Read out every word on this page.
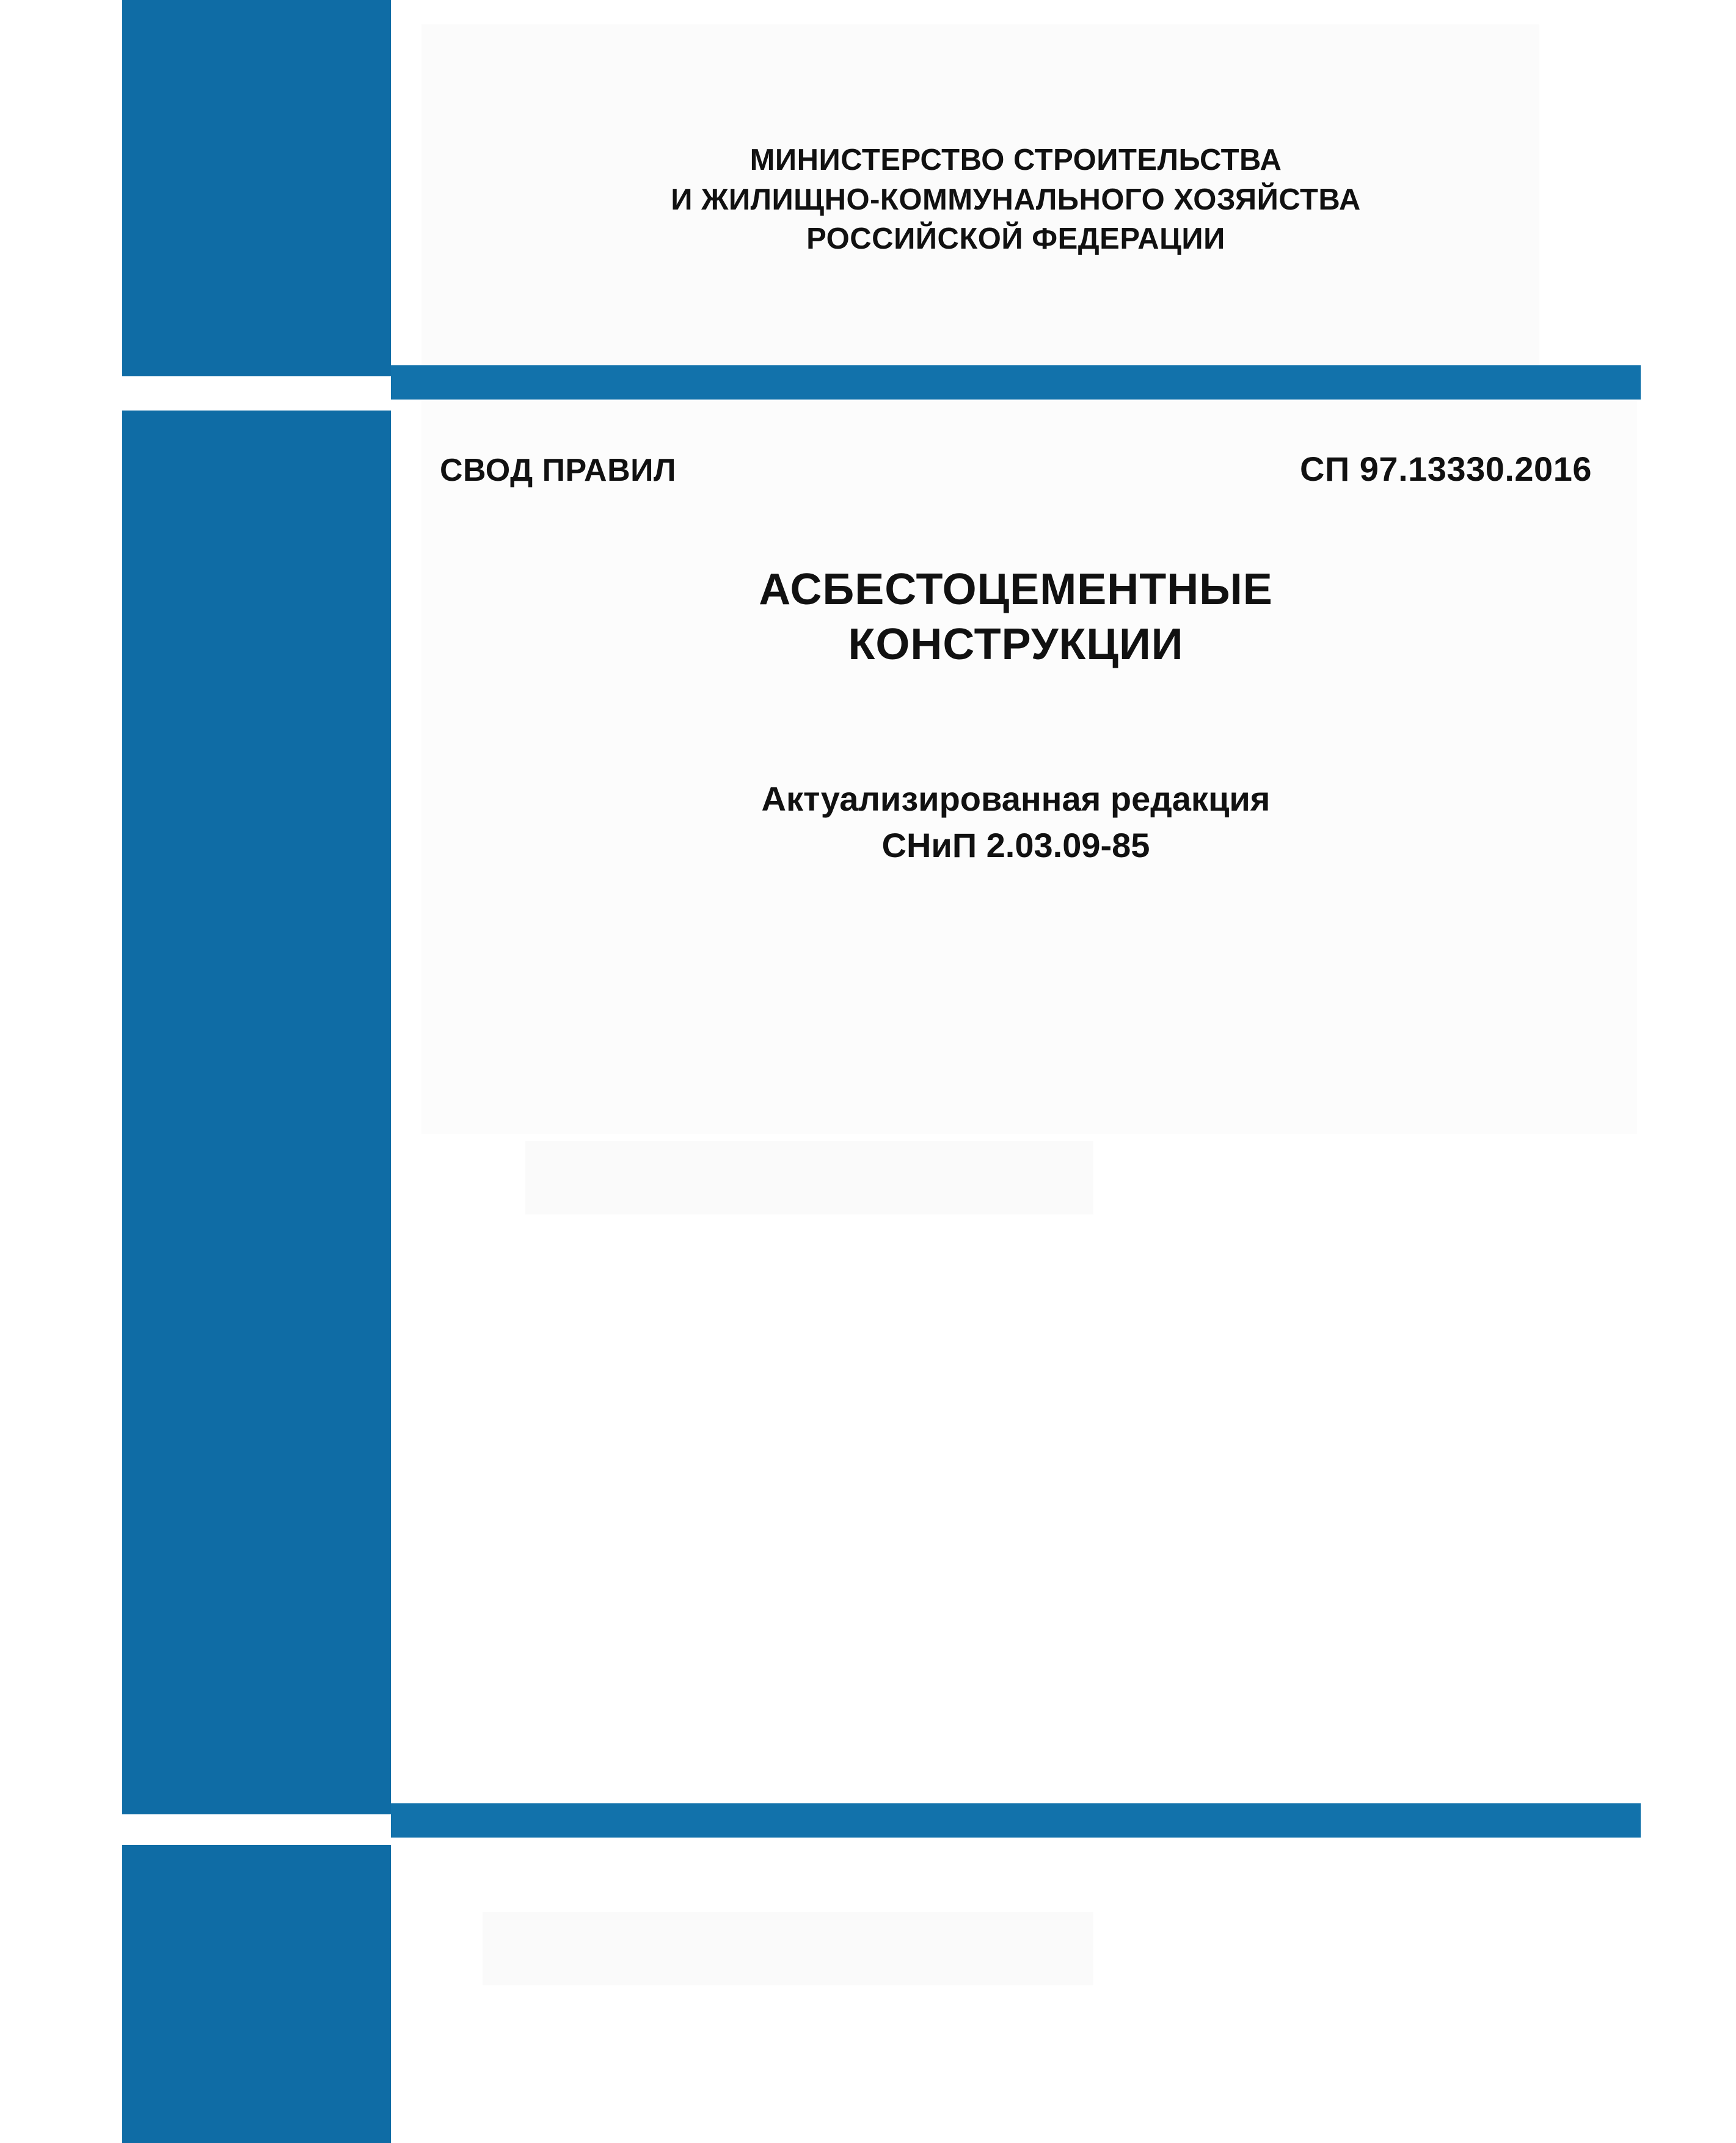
МИНИСТЕРСТВО СТРОИТЕЛЬСТВА
И ЖИЛИЩНО-КОММУНАЛЬНОГО ХОЗЯЙСТВА
РОССИЙСКОЙ ФЕДЕРАЦИИ
СВОД ПРАВИЛ	СП 97.13330.2016
АСБЕСТОЦЕМЕНТНЫЕ
КОНСТРУКЦИИ
Актуализированная редакция
СНиП 2.03.09-85
